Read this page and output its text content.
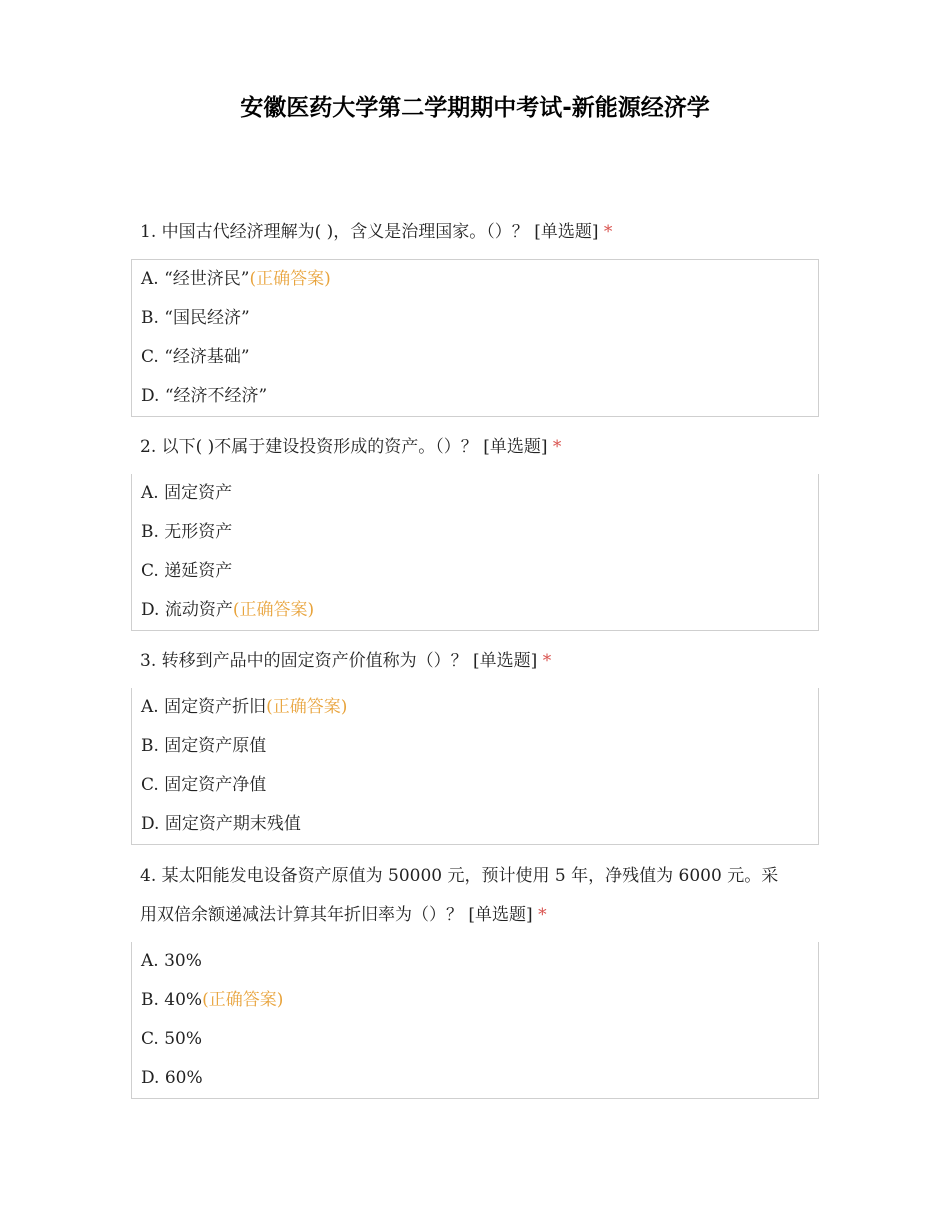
安徽医药大学第二学期期中考试-新能源经济学
1. 中国古代经济理解为( )，含义是治理国家。（）？ [单选题] *
A. “经世济民”(正确答案)
B. “国民经济”
C. “经济基础”
D. “经济不经济”
2. 以下( )不属于建设投资形成的资产。（）？ [单选题] *
A. 固定资产
B. 无形资产
C. 递延资产
D. 流动资产(正确答案)
3. 转移到产品中的固定资产价值称为（）？ [单选题] *
A. 固定资产折旧(正确答案)
B. 固定资产原值
C. 固定资产净值
D. 固定资产期末残值
4. 某太阳能发电设备资产原值为 50000 元，预计使用 5 年，净残值为 6000 元。采
用双倍余额递减法计算其年折旧率为（）？ [单选题] *
A. 30%
B. 40%(正确答案)
C. 50%
D. 60%
